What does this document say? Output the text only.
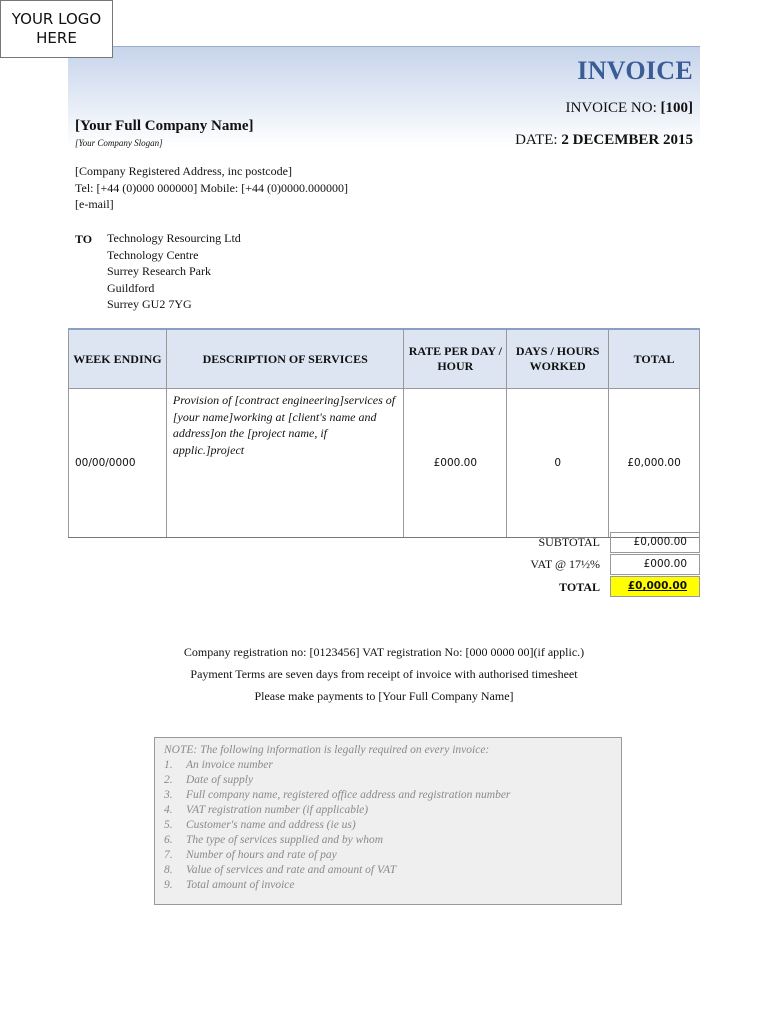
YOUR LOGO
HERE
INVOICE
INVOICE NO: [100]
DATE: 2 DECEMBER 2015
[Your Full Company Name]
[Your Company Slogan]
[Company Registered Address, inc postcode]
Tel: [+44 (0)000 000000] Mobile: [+44 (0)0000.000000]
[e-mail]
TO Technology Resourcing Ltd
Technology Centre
Surrey Research Park
Guildford
Surrey GU2 7YG
WEEK ENDING	DESCRIPTION OF SERVICES	RATE PER DAY / HOUR	DAYS / HOURS WORKED	TOTAL
00/00/0000	Provision of [contract engineering]services of [your name]working at [client's name and address]on the [project name, if applic.]project	£000.00	0	£0,000.00
SUBTOTAL	£0,000.00
VAT @ 17½%	£000.00
TOTAL	£0,000.00
Company registration no: [0123456] VAT registration No: [000 0000 00](if applic.)
Payment Terms are seven days from receipt of invoice with authorised timesheet
Please make payments to [Your Full Company Name]
NOTE: The following information is legally required on every invoice:
1.	An invoice number
2.	Date of supply
3.	Full company name, registered office address and registration number
4.	VAT registration number (if applicable)
5.	Customer's name and address (ie us)
6.	The type of services supplied and by whom
7.	Number of hours and rate of pay
8.	Value of services and rate and amount of VAT
9.	Total amount of invoice
